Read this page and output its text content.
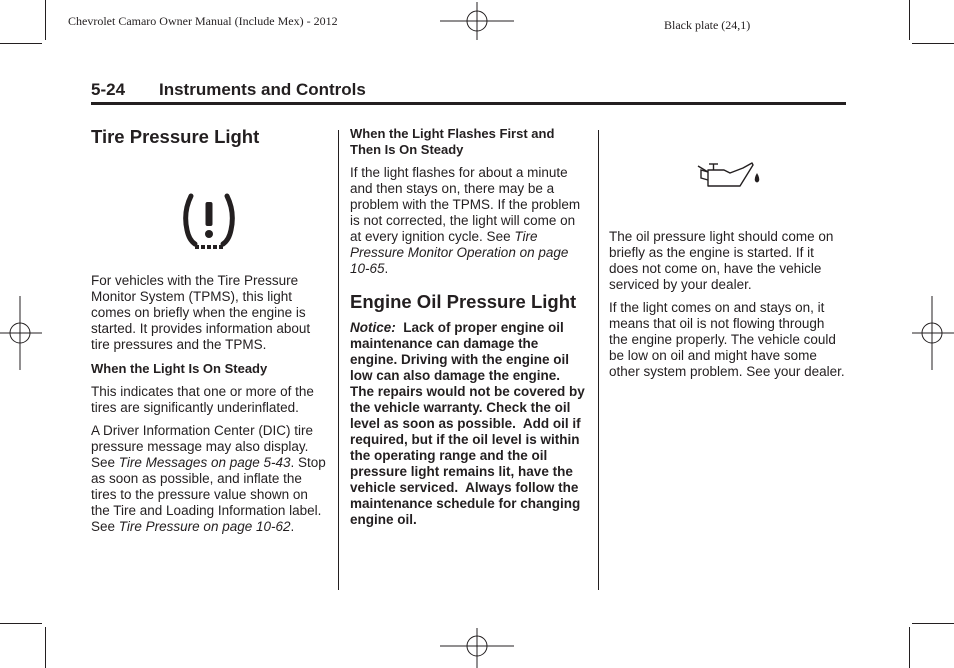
Chevrolet Camaro Owner Manual (Include Mex) - 2012	Black plate (24,1)
5-24	Instruments and Controls
Tire Pressure Light

For vehicles with the Tire Pressure Monitor System (TPMS), this light comes on briefly when the engine is started. It provides information about tire pressures and the TPMS.

When the Light Is On Steady

This indicates that one or more of the tires are significantly underinflated.

A Driver Information Center (DIC) tire pressure message may also display. See Tire Messages on page 5-43. Stop as soon as possible, and inflate the tires to the pressure value shown on the Tire and Loading Information label. See Tire Pressure on page 10-62.

When the Light Flashes First and Then Is On Steady

If the light flashes for about a minute and then stays on, there may be a problem with the TPMS. If the problem is not corrected, the light will come on at every ignition cycle. See Tire Pressure Monitor Operation on page 10-65.

Engine Oil Pressure Light

Notice:  Lack of proper engine oil maintenance can damage the engine. Driving with the engine oil  low can also damage the engine.  The repairs would not be covered by the vehicle warranty. Check the oil level as soon as possible.  Add oil if required, but if the oil level is within the operating range and the oil pressure light remains lit, have the vehicle serviced.  Always follow the maintenance schedule for changing engine oil.

The oil pressure light should come on briefly as the engine is started. If it does not come on, have the vehicle serviced by your dealer.

If the light comes on and stays on, it means that oil is not flowing through the engine properly. The vehicle could be low on oil and might have some other system problem. See your dealer.
